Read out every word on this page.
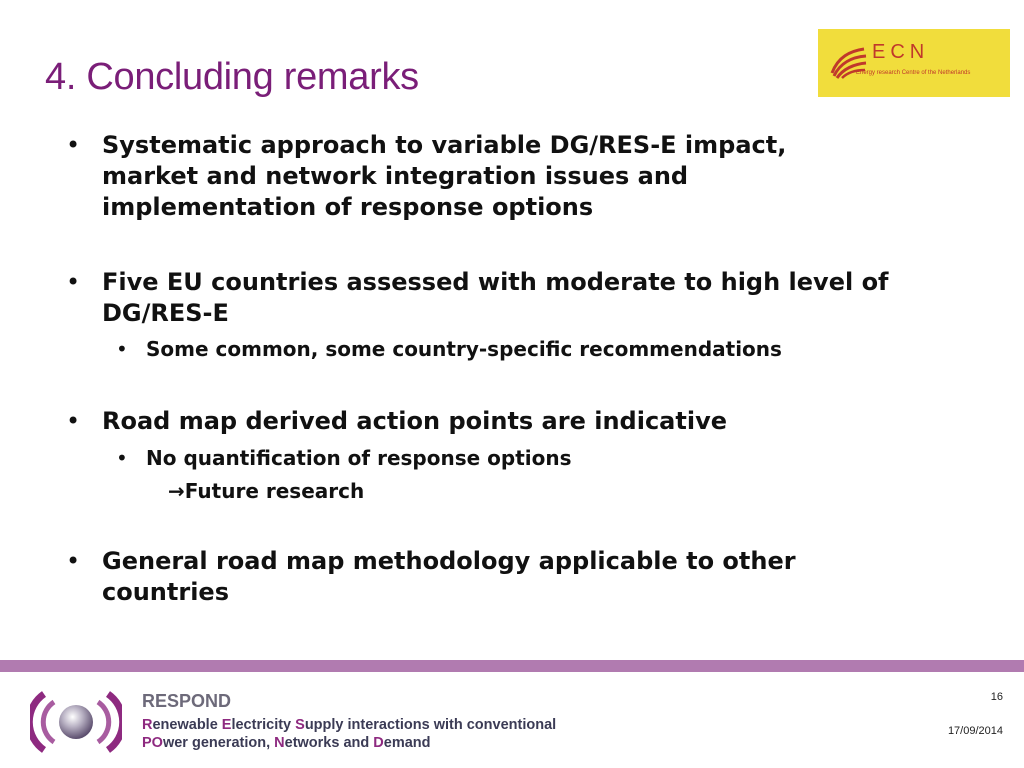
4. Concluding remarks
ECN
Energy research Centre of the Netherlands
• Systematic approach to variable DG/RES-E impact, market and network integration issues and implementation of response options
• Five EU countries assessed with moderate to high level of DG/RES-E
• Some common, some country-specific recommendations
• Road map derived action points are indicative
• No quantification of response options
→Future research
• General road map methodology applicable to other countries
RESPOND
Renewable Electricity Supply interactions with conventional
POwer generation, Networks and Demand
16
17/09/2014
